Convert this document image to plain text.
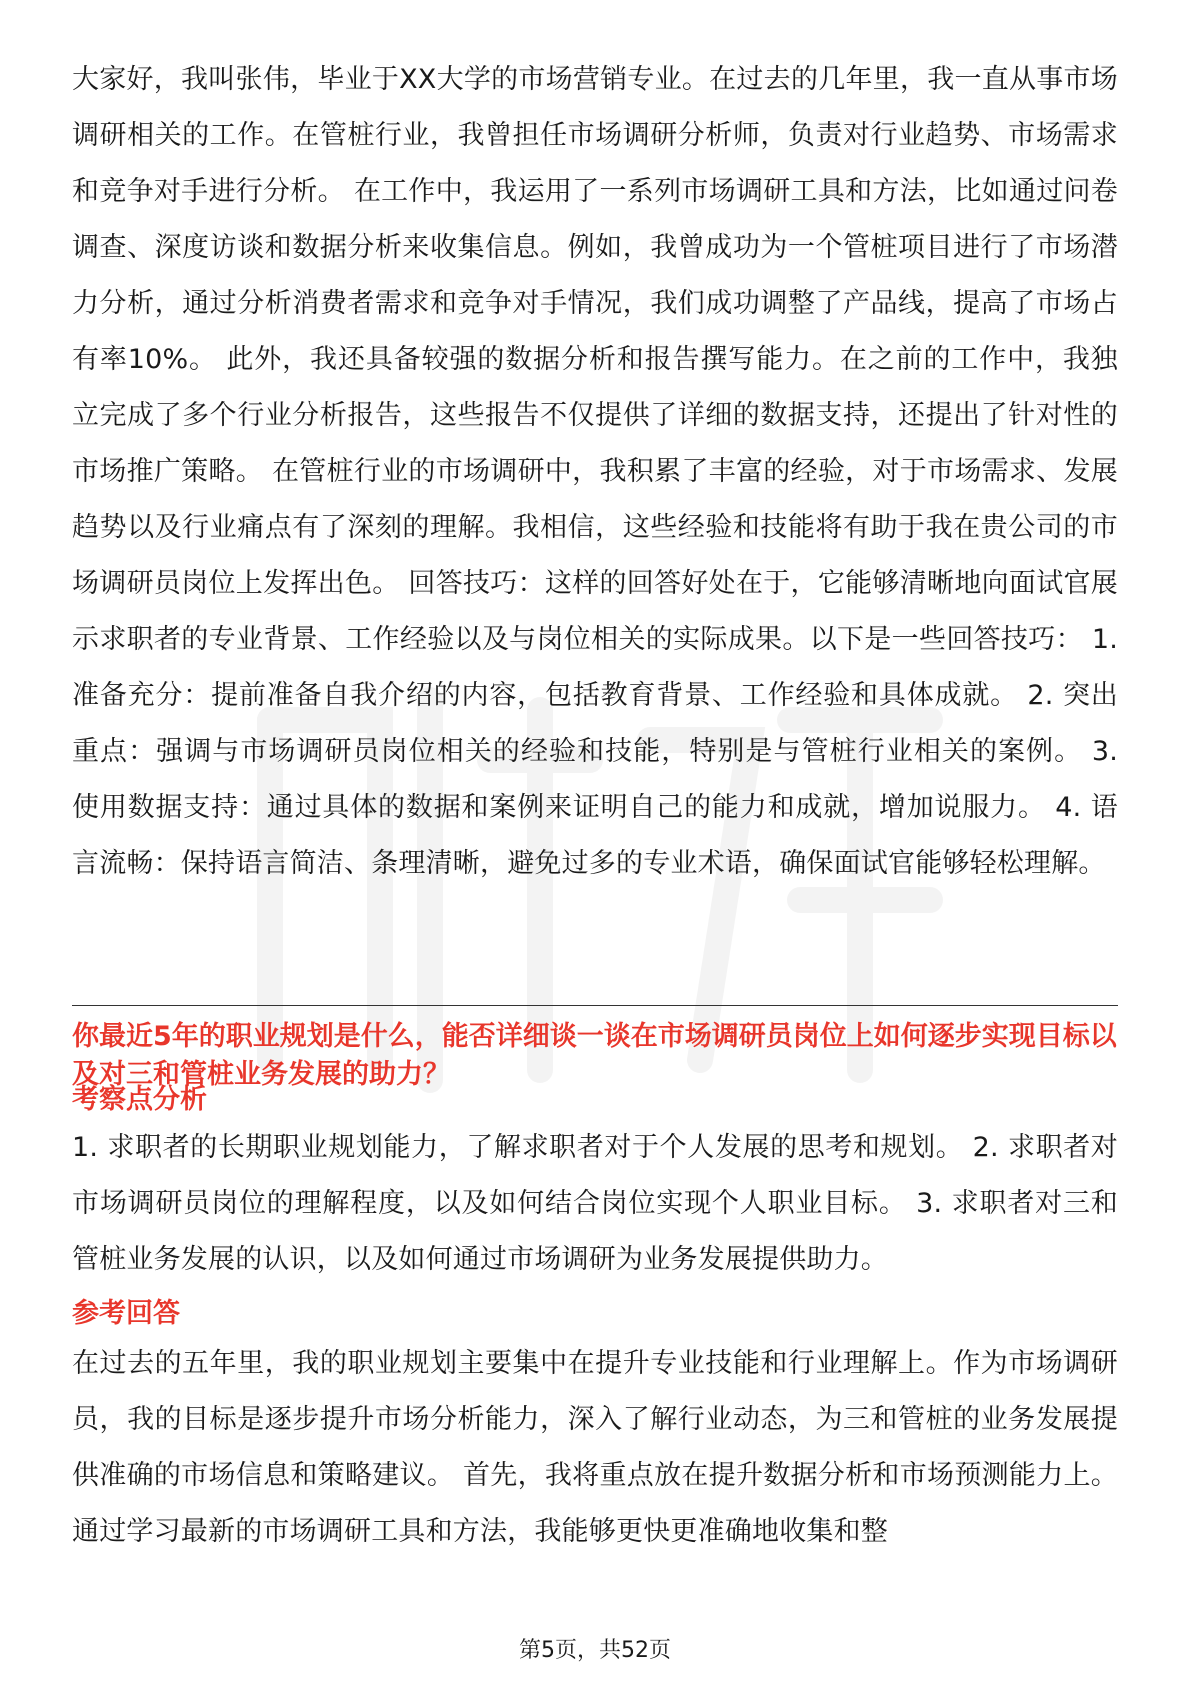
大家好，我叫张伟，毕业于XX大学的市场营销专业。在过去的几年里，我一直从事市场调研相关的工作。在管桩行业，我曾担任市场调研分析师，负责对行业趋势、市场需求和竞争对手进行分析。 在工作中，我运用了一系列市场调研工具和方法，比如通过问卷调查、深度访谈和数据分析来收集信息。例如，我曾成功为一个管桩项目进行了市场潜力分析，通过分析消费者需求和竞争对手情况，我们成功调整了产品线，提高了市场占有率10%。 此外，我还具备较强的数据分析和报告撰写能力。在之前的工作中，我独立完成了多个行业分析报告，这些报告不仅提供了详细的数据支持，还提出了针对性的市场推广策略。 在管桩行业的市场调研中，我积累了丰富的经验，对于市场需求、发展趋势以及行业痛点有了深刻的理解。我相信，这些经验和技能将有助于我在贵公司的市场调研员岗位上发挥出色。 回答技巧：这样的回答好处在于，它能够清晰地向面试官展示求职者的专业背景、工作经验以及与岗位相关的实际成果。以下是一些回答技巧： 1. 准备充分：提前准备自我介绍的内容，包括教育背景、工作经验和具体成就。 2. 突出重点：强调与市场调研员岗位相关的经验和技能，特别是与管桩行业相关的案例。 3. 使用数据支持：通过具体的数据和案例来证明自己的能力和成就，增加说服力。 4. 语言流畅：保持语言简洁、条理清晰，避免过多的专业术语，确保面试官能够轻松理解。

你最近5年的职业规划是什么，能否详细谈一谈在市场调研员岗位上如何逐步实现目标以及对三和管桩业务发展的助力？

考察点分析

1. 求职者的长期职业规划能力，了解求职者对于个人发展的思考和规划。 2. 求职者对市场调研员岗位的理解程度，以及如何结合岗位实现个人职业目标。 3. 求职者对三和管桩业务发展的认识，以及如何通过市场调研为业务发展提供助力。

参考回答

在过去的五年里，我的职业规划主要集中在提升专业技能和行业理解上。作为市场调研员，我的目标是逐步提升市场分析能力，深入了解行业动态，为三和管桩的业务发展提供准确的市场信息和策略建议。 首先，我将重点放在提升数据分析和市场预测能力上。通过学习最新的市场调研工具和方法，我能够更快更准确地收集和整

第5页，共52页
